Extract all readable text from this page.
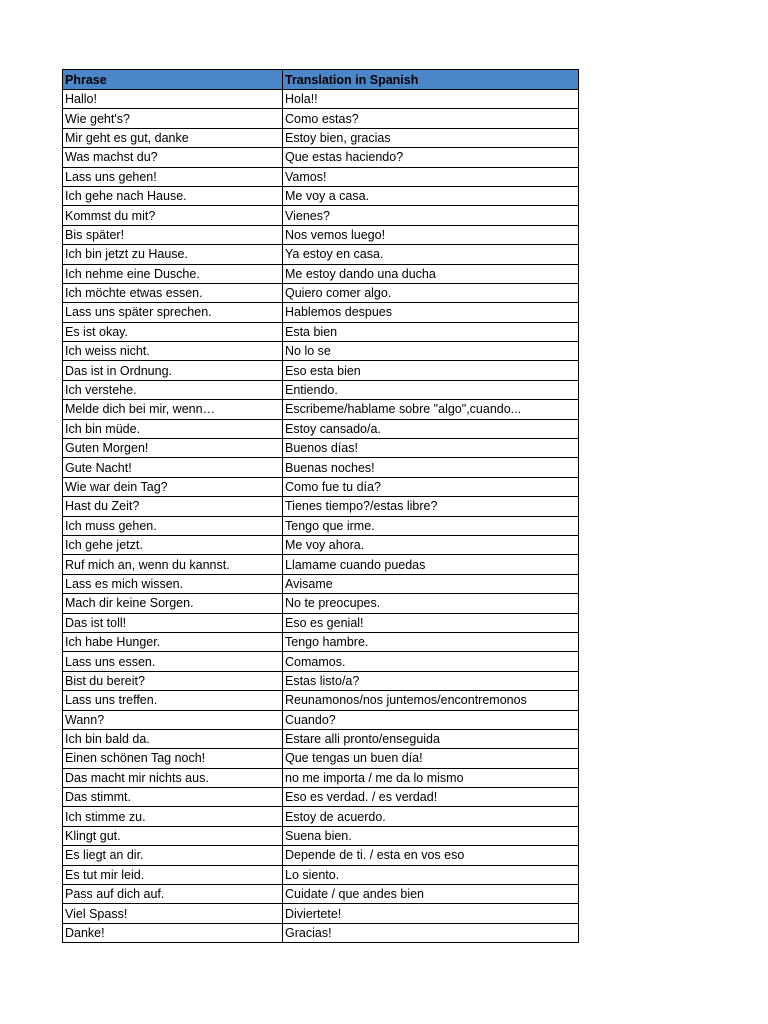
Phrase	Translation in Spanish
Hallo!	Hola!!
Wie geht's?	Como estas?
Mir geht es gut, danke	Estoy bien, gracias
Was machst du?	Que estas haciendo?
Lass uns gehen!	Vamos!
Ich gehe nach Hause.	Me voy a casa.
Kommst du mit?	Vienes?
Bis später!	Nos vemos luego!
Ich bin jetzt zu Hause.	Ya estoy en casa.
Ich nehme eine Dusche.	Me estoy dando una ducha
Ich möchte etwas essen.	Quiero comer algo.
Lass uns später sprechen.	Hablemos despues
Es ist okay.	Esta bien
Ich weiss nicht.	No lo se
Das ist in Ordnung.	Eso esta bien
Ich verstehe.	Entiendo.
Melde dich bei mir, wenn…	Escribeme/hablame sobre "algo",cuando...
Ich bin müde.	Estoy cansado/a.
Guten Morgen!	Buenos días!
Gute Nacht!	Buenas noches!
Wie war dein Tag?	Como fue tu día?
Hast du Zeit?	Tienes tiempo?/estas libre?
Ich muss gehen.	Tengo que irme.
Ich gehe jetzt.	Me voy ahora.
Ruf mich an, wenn du kannst.	Llamame cuando puedas
Lass es mich wissen.	Avisame
Mach dir keine Sorgen.	No te preocupes.
Das ist toll!	Eso es genial!
Ich habe Hunger.	Tengo hambre.
Lass uns essen.	Comamos.
Bist du bereit?	Estas listo/a?
Lass uns treffen.	Reunamonos/nos juntemos/encontremonos
Wann?	Cuando?
Ich bin bald da.	Estare alli pronto/enseguida
Einen schönen Tag noch!	Que tengas un buen día!
Das macht mir nichts aus.	no me importa / me da lo mismo
Das stimmt.	Eso es verdad. / es verdad!
Ich stimme zu.	Estoy de acuerdo.
Klingt gut.	Suena bien.
Es liegt an dir.	Depende de ti. / esta en vos eso
Es tut mir leid.	Lo siento.
Pass auf dich auf.	Cuidate / que andes bien
Viel Spass!	Diviertete!
Danke!	Gracias!
